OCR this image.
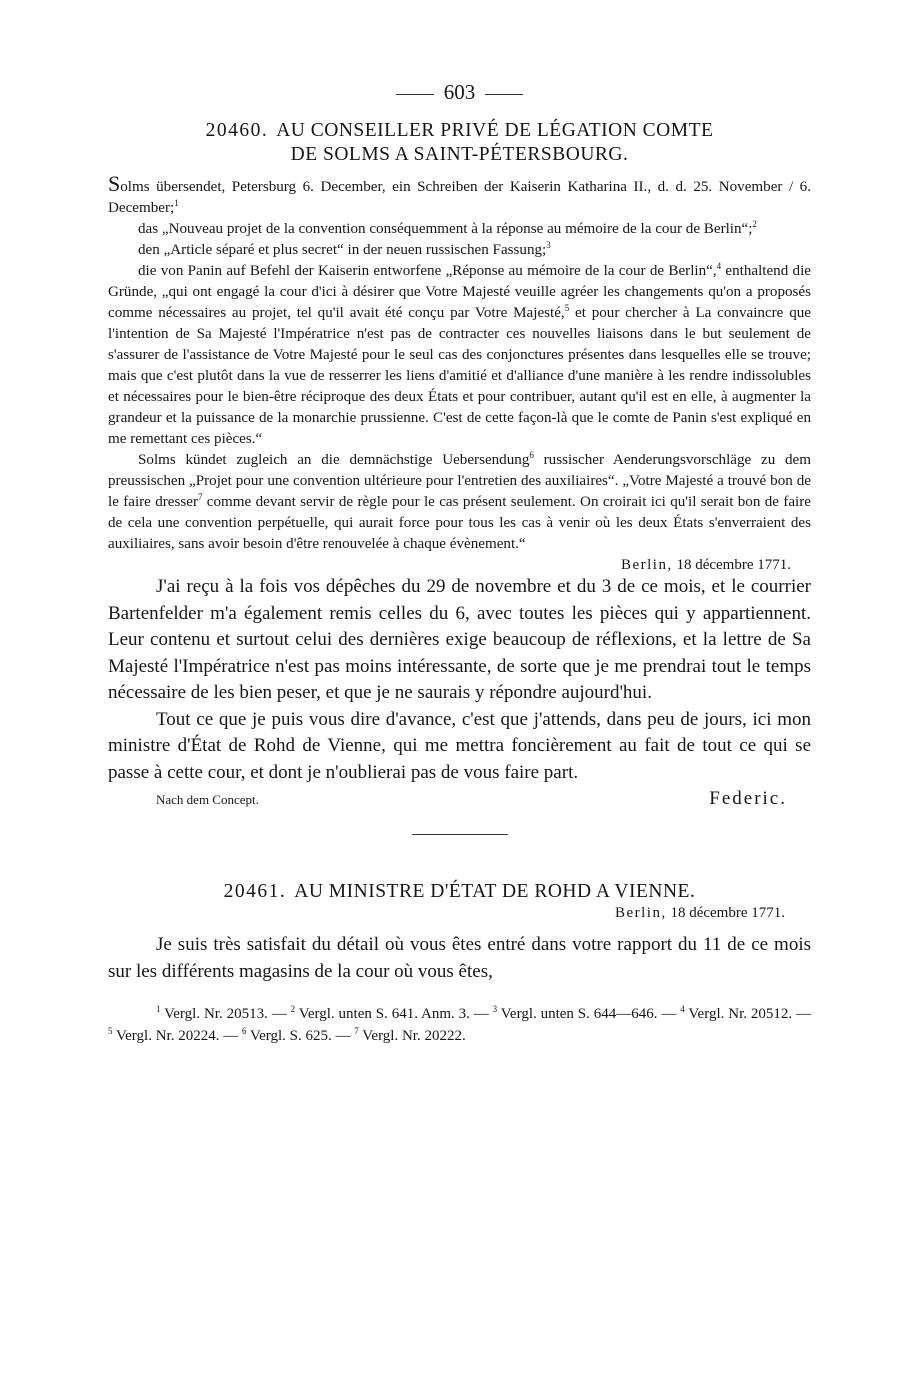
603
20460. AU CONSEILLER PRIVÉ DE LÉGATION COMTE
DE SOLMS A SAINT-PÉTERSBOURG.

Solms übersendet, Petersburg 6. December, ein Schreiben der Kaiserin Katharina II., d. d. 25. November / 6. December;$^1$

das „Nouveau projet de la convention conséquemment à la réponse au mémoire de la cour de Berlin“;$^2$

den „Article séparé et plus secret“ in der neuen russischen Fassung;$^3$

die von Panin auf Befehl der Kaiserin entworfene „Réponse au mémoire de la cour de Berlin“,$^4$ enthaltend die Gründe, „qui ont engagé la cour d'ici à désirer que Votre Majesté veuille agréer les changements qu'on a proposés comme nécessaires au projet, tel qu'il avait été conçu par Votre Majesté,$^5$ et pour chercher à La convaincre que l'intention de Sa Majesté l'Impératrice n'est pas de contracter ces nouvelles liaisons dans le but seulement de s'assurer de l'assistance de Votre Majesté pour le seul cas des conjonctures présentes dans lesquelles elle se trouve; mais que c'est plutôt dans la vue de resserrer les liens d'amitié et d'alliance d'une manière à les rendre indissolubles et nécessaires pour le bien-être réciproque des deux États et pour contribuer, autant qu'il est en elle, à augmenter la grandeur et la puissance de la monarchie prussienne. C'est de cette façon-là que le comte de Panin s'est expliqué en me remettant ces pièces.“

Solms kündet zugleich an die demnächstige Uebersendung$^6$ russischer Aenderungsvorschläge zu dem preussischen „Projet pour une convention ultérieure pour l'entretien des auxiliaires“. „Votre Majesté a trouvé bon de le faire dresser$^7$ comme devant servir de règle pour le cas présent seulement. On croirait ici qu'il serait bon de faire de cela une convention perpétuelle, qui aurait force pour tous les cas à venir où les deux États s'enverraient des auxiliaires, sans avoir besoin d'être renouvelée à chaque évènement.“

Berlin, 18 décembre 1771.

J'ai reçu à la fois vos dépêches du 29 de novembre et du 3 de ce mois, et le courrier Bartenfelder m'a également remis celles du 6, avec toutes les pièces qui y appartiennent. Leur contenu et surtout celui des dernières exige beaucoup de réflexions, et la lettre de Sa Majesté l'Impératrice n'est pas moins intéressante, de sorte que je me prendrai tout le temps nécessaire de les bien peser, et que je ne saurais y répondre aujourd'hui.

Tout ce que je puis vous dire d'avance, c'est que j'attends, dans peu de jours, ici mon ministre d'État de Rohd de Vienne, qui me mettra foncièrement au fait de tout ce qui se passe à cette cour, et dont je n'oublierai pas de vous faire part.

Nach dem Concept.	Federic.
20461. AU MINISTRE D'ÉTAT DE ROHD A VIENNE.
Berlin, 18 décembre 1771.

Je suis très satisfait du détail où vous êtes entré dans votre rapport du 11 de ce mois sur les différents magasins de la cour où vous êtes,

$^1$ Vergl. Nr. 20513. — $^2$ Vergl. unten S. 641. Anm. 3. — $^3$ Vergl. unten S. 644—646. — $^4$ Vergl. Nr. 20512. — $^5$ Vergl. Nr. 20224. — $^6$ Vergl. S. 625. — $^7$ Vergl. Nr. 20222.
